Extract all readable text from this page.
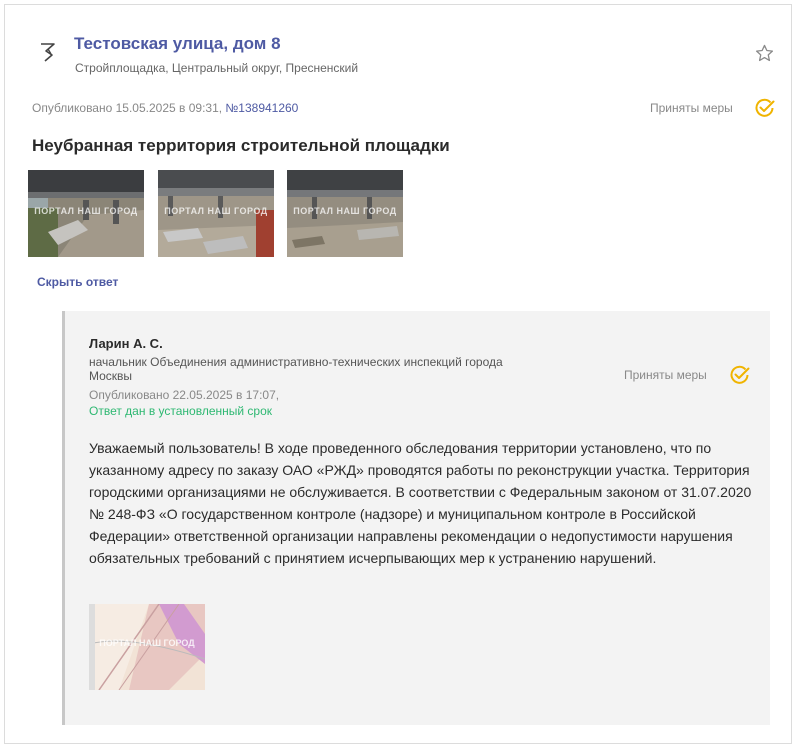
Тестовская улица, дом 8
Стройплощадка, Центральный округ, Пресненский
Опубликовано 15.05.2025 в 09:31, №138941260	Приняты меры
Неубранная территория строительной площадки
ПОРТАЛ НАШ ГОРОД	ПОРТАЛ НАШ ГОРОД	ПОРТАЛ НАШ ГОРОД
Скрыть ответ
Ларин А. С.
начальник Объединения административно-технических инспекций города Москвы
Опубликовано 22.05.2025 в 17:07,
Ответ дан в установленный срок
Приняты меры
Уважаемый пользователь! В ходе проведенного обследования территории установлено, что по указанному адресу по заказу ОАО «РЖД» проводятся работы по реконструкции участка. Территория городскими организациями не обслуживается. В соответствии с Федеральным законом от 31.07.2020 № 248-ФЗ «О государственном контроле (надзоре) и муниципальном контроле в Российской Федерации» ответственной организации направлены рекомендации о недопустимости нарушения обязательных требований с принятием исчерпывающих мер к устранению нарушений.
ПОРТАЛ НАШ ГОРОД
